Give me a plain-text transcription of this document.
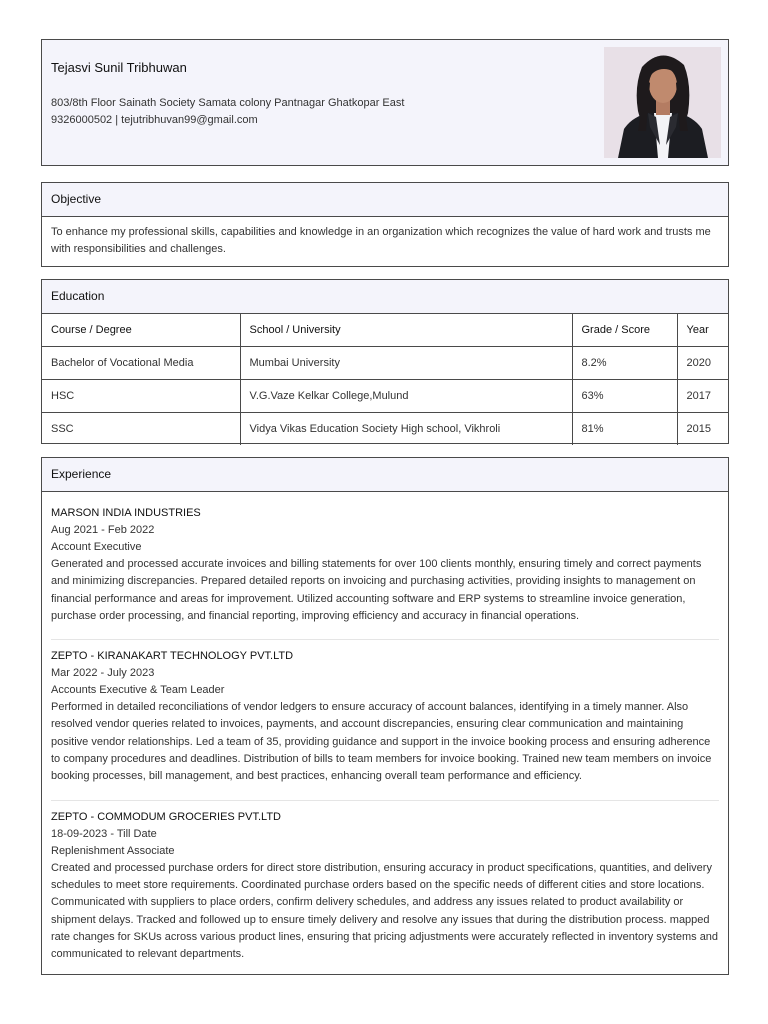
Tejasvi Sunil Tribhuwan
803/8th Floor Sainath Society Samata colony Pantnagar Ghatkopar East
9326000502 | tejutribhuvan99@gmail.com
Objective
To enhance my professional skills, capabilities and knowledge in an organization which recognizes the value of hard work and trusts me with responsibilities and challenges.
Education
Course / Degree	School / University	Grade / Score	Year
Bachelor of Vocational Media	Mumbai University	8.2%	2020
HSC	V.G.Vaze Kelkar College,Mulund	63%	2017
SSC	Vidya Vikas Education Society High school, Vikhroli	81%	2015
Experience
MARSON INDIA INDUSTRIES
Aug 2021 - Feb 2022
Account Executive
Generated and processed accurate invoices and billing statements for over 100 clients monthly, ensuring timely and correct payments and minimizing discrepancies. Prepared detailed reports on invoicing and purchasing activities, providing insights to management on financial performance and areas for improvement. Utilized accounting software and ERP systems to streamline invoice generation, purchase order processing, and financial reporting, improving efficiency and accuracy in financial operations.
ZEPTO - KIRANAKART TECHNOLOGY PVT.LTD
Mar 2022 - July 2023
Accounts Executive & Team Leader
Performed in detailed reconciliations of vendor ledgers to ensure accuracy of account balances, identifying in a timely manner. Also resolved vendor queries related to invoices, payments, and account discrepancies, ensuring clear communication and maintaining positive vendor relationships. Led a team of 35, providing guidance and support in the invoice booking process and ensuring adherence to company procedures and deadlines. Distribution of bills to team members for invoice booking. Trained new team members on invoice booking processes, bill management, and best practices, enhancing overall team performance and efficiency.
ZEPTO - COMMODUM GROCERIES PVT.LTD
18-09-2023 - Till Date
Replenishment Associate
Created and processed purchase orders for direct store distribution, ensuring accuracy in product specifications, quantities, and delivery schedules to meet store requirements. Coordinated purchase orders based on the specific needs of different cities and store locations. Communicated with suppliers to place orders, confirm delivery schedules, and address any issues related to product availability or shipment delays. Tracked and followed up to ensure timely delivery and resolve any issues that during the distribution process. mapped rate changes for SKUs across various product lines, ensuring that pricing adjustments were accurately reflected in inventory systems and communicated to relevant departments.
